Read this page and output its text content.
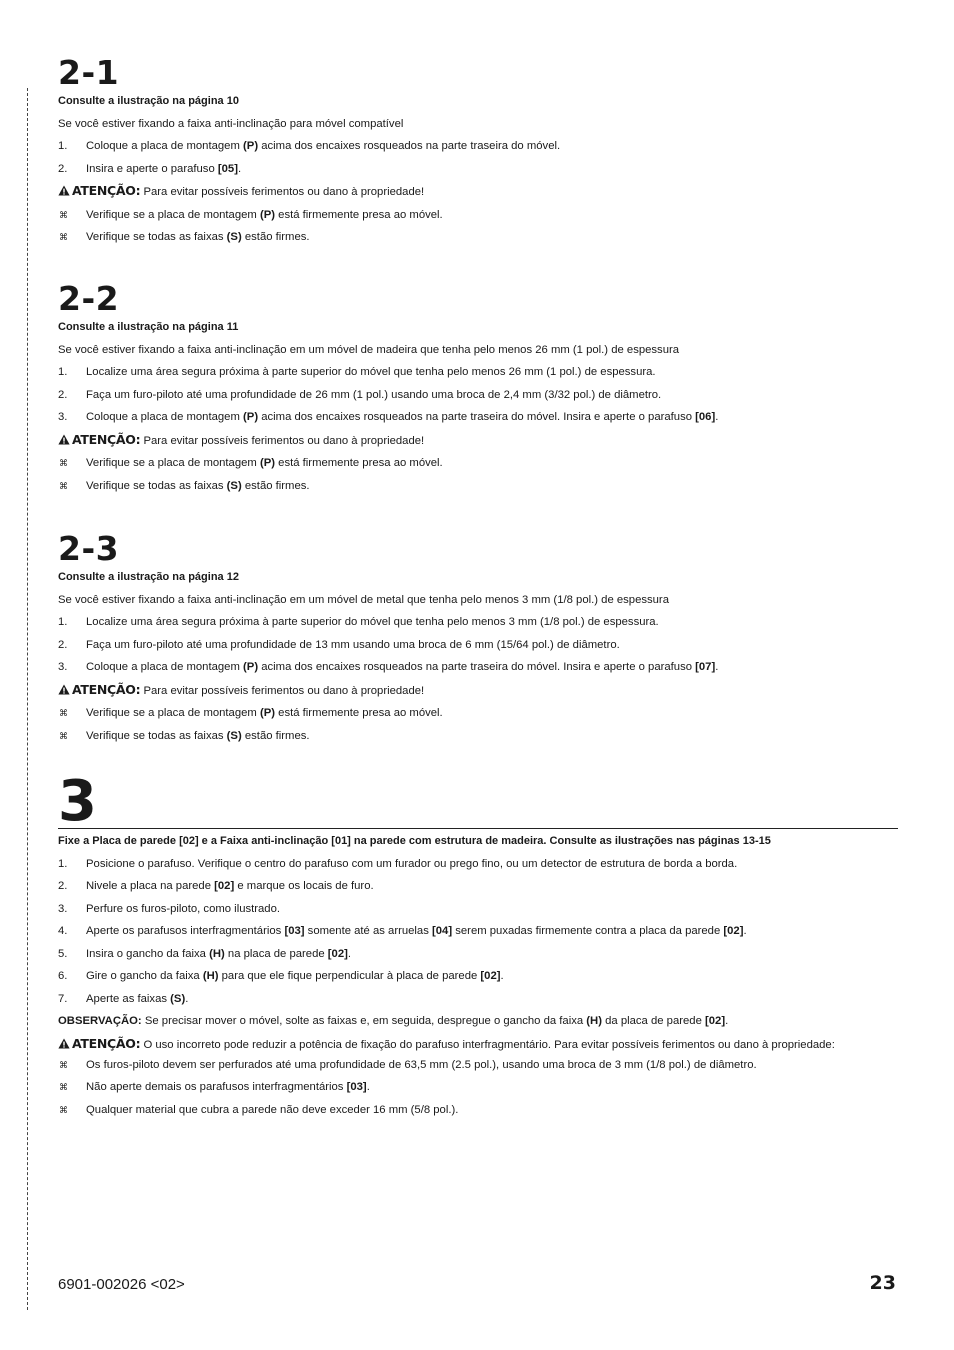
2-1
Consulte a ilustração na página 10
Se você estiver fixando a faixa anti-inclinação para móvel compatível
1. Coloque a placa de montagem (P) acima dos encaixes rosqueados na parte traseira do móvel.
2. Insira e aperte o parafuso [05].
ATENÇÃO: Para evitar possíveis ferimentos ou dano à propriedade!
⌘ Verifique se a placa de montagem (P) está firmemente presa ao móvel.
⌘ Verifique se todas as faixas (S) estão firmes.
2-2
Consulte a ilustração na página 11
Se você estiver fixando a faixa anti-inclinação em um móvel de madeira que tenha pelo menos 26 mm (1 pol.) de espessura
1. Localize uma área segura próxima à parte superior do móvel que tenha pelo menos 26 mm (1 pol.) de espessura.
2. Faça um furo-piloto até uma profundidade de 26 mm (1 pol.) usando uma broca de 2,4 mm (3/32 pol.) de diâmetro.
3. Coloque a placa de montagem (P) acima dos encaixes rosqueados na parte traseira do móvel. Insira e aperte o parafuso [06].
ATENÇÃO: Para evitar possíveis ferimentos ou dano à propriedade!
⌘ Verifique se a placa de montagem (P) está firmemente presa ao móvel.
⌘ Verifique se todas as faixas (S) estão firmes.
2-3
Consulte a ilustração na página 12
Se você estiver fixando a faixa anti-inclinação em um móvel de metal que tenha pelo menos 3 mm (1/8 pol.) de espessura
1. Localize uma área segura próxima à parte superior do móvel que tenha pelo menos 3 mm (1/8 pol.) de espessura.
2. Faça um furo-piloto até uma profundidade de 13 mm usando uma broca de 6 mm (15/64 pol.) de diâmetro.
3. Coloque a placa de montagem (P) acima dos encaixes rosqueados na parte traseira do móvel. Insira e aperte o parafuso [07].
ATENÇÃO: Para evitar possíveis ferimentos ou dano à propriedade!
⌘ Verifique se a placa de montagem (P) está firmemente presa ao móvel.
⌘ Verifique se todas as faixas (S) estão firmes.
3
Fixe a Placa de parede [02] e a Faixa anti-inclinação [01] na parede com estrutura de madeira. Consulte as ilustrações nas páginas 13-15
1. Posicione o parafuso. Verifique o centro do parafuso com um furador ou prego fino, ou um detector de estrutura de borda a borda.
2. Nivele a placa na parede [02] e marque os locais de furo.
3. Perfure os furos-piloto, como ilustrado.
4. Aperte os parafusos interfragmentários [03] somente até as arruelas [04] serem puxadas firmemente contra a placa da parede [02].
5. Insira o gancho da faixa (H) na placa de parede [02].
6. Gire o gancho da faixa (H) para que ele fique perpendicular à placa de parede [02].
7. Aperte as faixas (S).
OBSERVAÇÃO: Se precisar mover o móvel, solte as faixas e, em seguida, despregue o gancho da faixa (H) da placa de parede [02].
ATENÇÃO: O uso incorreto pode reduzir a potência de fixação do parafuso interfragmentário. Para evitar possíveis ferimentos ou dano à propriedade:
⌘ Os furos-piloto devem ser perfurados até uma profundidade de 63,5 mm (2.5 pol.), usando uma broca de 3 mm (1/8 pol.) de diâmetro.
⌘ Não aperte demais os parafusos interfragmentários [03].
⌘ Qualquer material que cubra a parede não deve exceder 16 mm (5/8 pol.).
6901-002026 <02>	23
